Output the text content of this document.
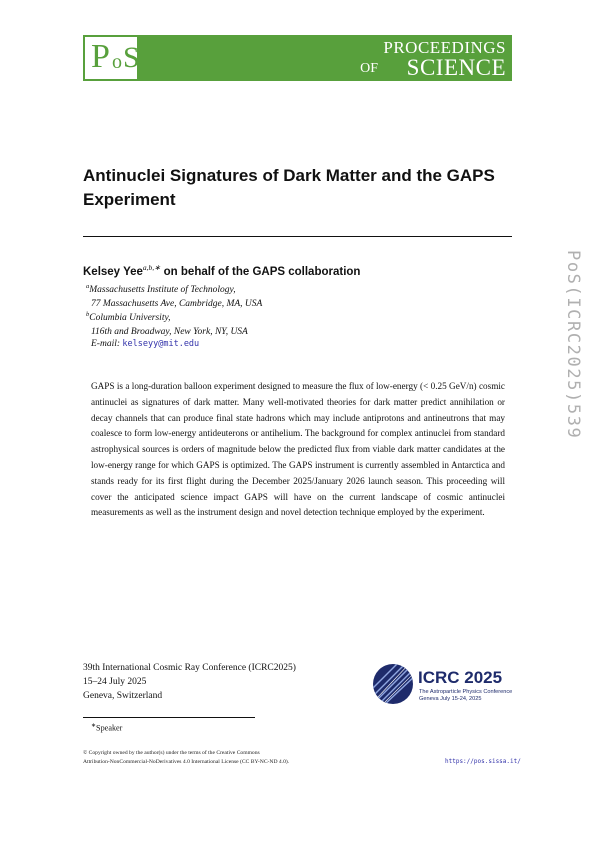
P o S	PROCEEDINGS
OF SCIENCE
Antinuclei Signatures of Dark Matter and the GAPS Experiment
Kelsey Yee$^{a,b,∗}$ on behalf of the GAPS collaboration
$^a$Massachusetts Institute of Technology,
77 Massachusetts Ave, Cambridge, MA, USA
$^b$Columbia University,
116th and Broadway, New York, NY, USA
E-mail: kelseyy@mit.edu
GAPS is a long-duration balloon experiment designed to measure the flux of low-energy (< 0.25 GeV/n) cosmic antinuclei as signatures of dark matter. Many well-motivated theories for dark matter predict annihilation or decay channels that can produce final state hadrons which may include antiprotons and antineutrons that may coalesce to form low-energy antideuterons or antihelium. The background for complex antinuclei from standard astrophysical sources is orders of magnitude below the predicted flux from viable dark matter candidates at the low-energy range for which GAPS is optimized. The GAPS instrument is currently assembled in Antarctica and stands ready for its first flight during the December 2025/January 2026 launch season. This proceeding will cover the anticipated science impact GAPS will have on the current landscape of cosmic antinuclei measurements as well as the instrument design and novel detection technique employed by the experiment.
PoS(ICRC2025)539
39th International Cosmic Ray Conference (ICRC2025)
15–24 July 2025
Geneva, Switzerland
ICRC 2025
The Astroparticle Physics Conference
Geneva July 15-24, 2025
∗Speaker
© Copyright owned by the author(s) under the terms of the Creative Commons
Attribution-NonCommercial-NoDerivatives 4.0 International License (CC BY-NC-ND 4.0).	https://pos.sissa.it/
